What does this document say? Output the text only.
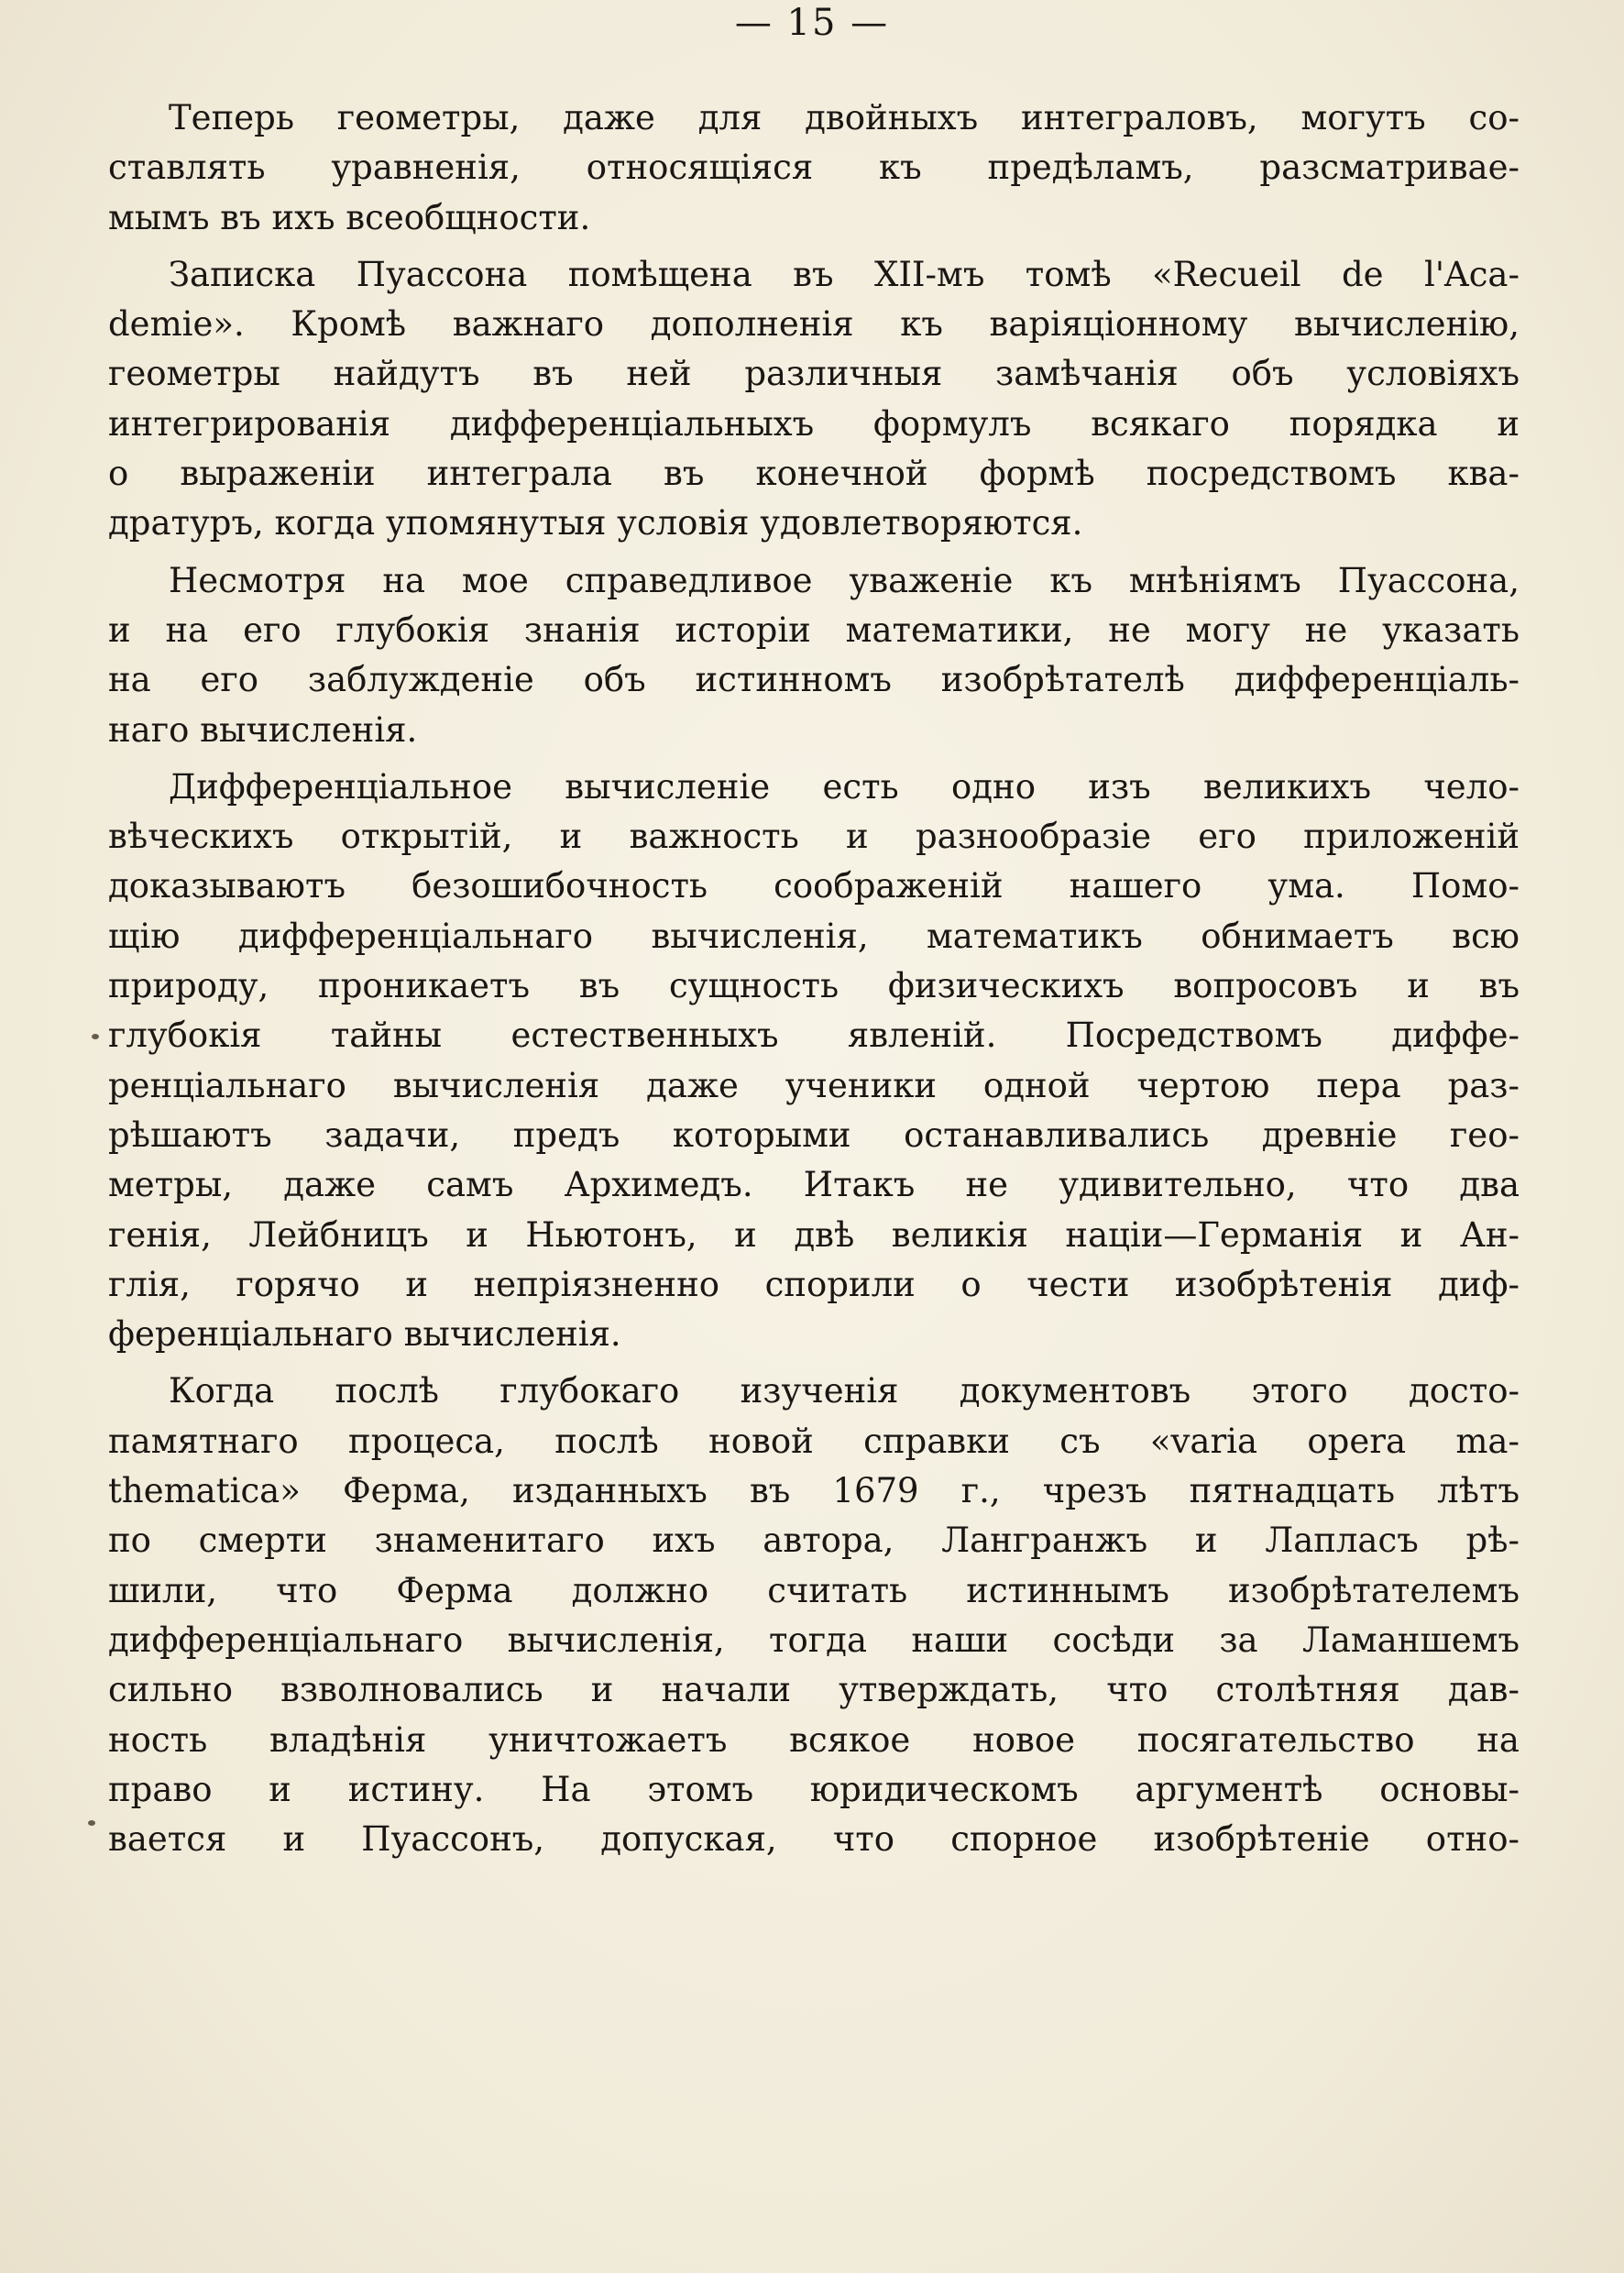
— 15 —
Теперь геометры, даже для двойныхъ интеграловъ, могутъ со-
ставлять уравненія, относящіяся къ предѣламъ, разсматривае-
мымъ въ ихъ всеобщности.
Записка Пуассона помѣщена въ XII-мъ томѣ «Recueil de l'Aca-
demie». Кромѣ важнаго дополненія къ варіяціонному вычисленію,
геометры найдутъ въ ней различныя замѣчанія объ условіяхъ
интегрированія дифференціальныхъ формулъ всякаго порядка и
о выраженіи интеграла въ конечной формѣ посредствомъ ква-
дратуръ, когда упомянутыя условія удовлетворяются.
Несмотря на мое справедливое уваженіе къ мнѣніямъ Пуассона,
и на его глубокія знанія исторіи математики, не могу не указать
на его заблужденіе объ истинномъ изобрѣтателѣ дифференціаль-
наго вычисленія.
Дифференціальное вычисленіе есть одно изъ великихъ чело-
вѣческихъ открытій, и важность и разнообразіе его приложеній
доказываютъ безошибочность соображеній нашего ума. Помо-
щію дифференціальнаго вычисленія, математикъ обнимаетъ всю
природу, проникаетъ въ сущность физическихъ вопросовъ и въ
глубокія тайны естественныхъ явленій. Посредствомъ диффе-
ренціальнаго вычисленія даже ученики одной чертою пера раз-
рѣшаютъ задачи, предъ которыми останавливались древніе гео-
метры, даже самъ Архимедъ. Итакъ не удивительно, что два
генія, Лейбницъ и Ньютонъ, и двѣ великія націи—Германія и Ан-
глія, горячо и непріязненно спорили о чести изобрѣтенія диф-
ференціальнаго вычисленія.
Когда послѣ глубокаго изученія документовъ этого досто-
памятнаго процеса, послѣ новой справки съ «varia opera ma-
thematica» Ферма, изданныхъ въ 1679 г., чрезъ пятнадцать лѣтъ
по смерти знаменитаго ихъ автора, Лангранжъ и Лапласъ рѣ-
шили, что Ферма должно считать истиннымъ изобрѣтателемъ
дифференціальнаго вычисленія, тогда наши сосѣди за Ламаншемъ
сильно взволновались и начали утверждать, что столѣтняя дав-
ность владѣнія уничтожаетъ всякое новое посягательство на
право и истину. На этомъ юридическомъ аргументѣ основы-
вается и Пуассонъ, допуская, что спорное изобрѣтеніе отно-
